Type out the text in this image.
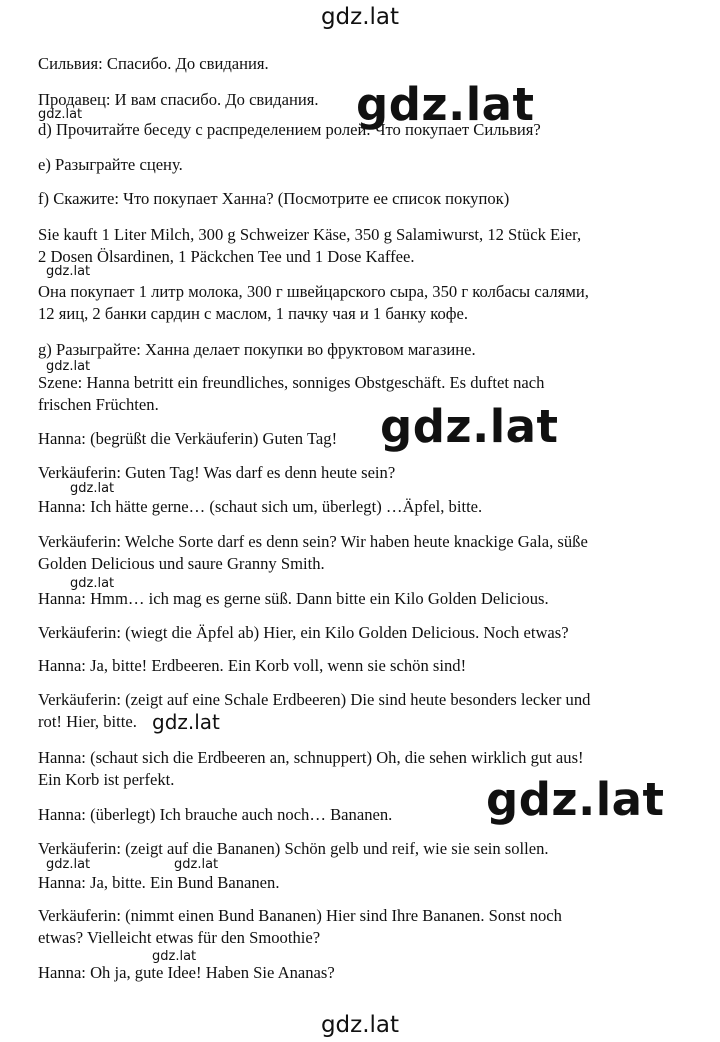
gdz.lat
Сильвия: Спасибо. До свидания.
Продавец: И вам спасибо. До свидания.
d) Прочитайте беседу с распределением ролей. Что покупает Сильвия?
e) Разыграйте сцену.
f) Скажите: Что покупает Ханна? (Посмотрите ее список покупок)
Sie kauft 1 Liter Milch, 300 g Schweizer Käse, 350 g Salamiwurst, 12 Stück Eier,
2 Dosen Ölsardinen, 1 Päckchen Tee und 1 Dose Kaffee.
Она покупает 1 литр молока, 300 г швейцарского сыра, 350 г колбасы салями,
12 яиц, 2 банки сардин с маслом, 1 пачку чая и 1 банку кофе.
g) Разыграйте: Ханна делает покупки во фруктовом магазине.
Szene: Hanna betritt ein freundliches, sonniges Obstgeschäft. Es duftet nach
frischen Früchten.
Hanna: (begrüßt die Verkäuferin) Guten Tag!
Verkäuferin: Guten Tag! Was darf es denn heute sein?
Hanna: Ich hätte gerne… (schaut sich um, überlegt) …Äpfel, bitte.
Verkäuferin: Welche Sorte darf es denn sein? Wir haben heute knackige Gala, süße
Golden Delicious und saure Granny Smith.
Hanna: Hmm… ich mag es gerne süß. Dann bitte ein Kilo Golden Delicious.
Verkäuferin: (wiegt die Äpfel ab) Hier, ein Kilo Golden Delicious. Noch etwas?
Hanna: Ja, bitte! Erdbeeren. Ein Korb voll, wenn sie schön sind!
Verkäuferin: (zeigt auf eine Schale Erdbeeren) Die sind heute besonders lecker und
rot! Hier, bitte.
Hanna: (schaut sich die Erdbeeren an, schnuppert) Oh, die sehen wirklich gut aus!
Ein Korb ist perfekt.
Hanna: (überlegt) Ich brauche auch noch… Bananen.
Verkäuferin: (zeigt auf die Bananen) Schön gelb und reif, wie sie sein sollen.
Hanna: Ja, bitte. Ein Bund Bananen.
Verkäuferin: (nimmt einen Bund Bananen) Hier sind Ihre Bananen. Sonst noch
etwas? Vielleicht etwas für den Smoothie?
Hanna: Oh ja, gute Idee! Haben Sie Ananas?
gdz.lat
gdz.lat
gdz.lat
gdz.lat
gdz.lat
gdz.lat
gdz.lat
gdz.lat
gdz.lat
gdz.lat	gdz.lat
gdz.lat
gdz.lat
